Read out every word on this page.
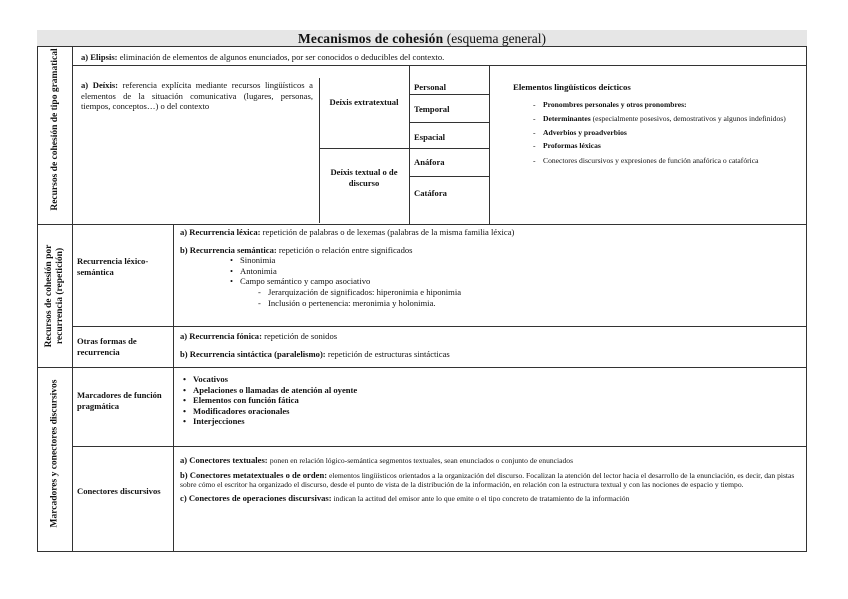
Mecanismos de cohesión (esquema general)
Recursos de cohesión de tipo gramatical
Recursos de cohesión por recurrencia (repetición)
Marcadores y conectores discursivos
a) Elipsis: eliminación de elementos de algunos enunciados, por ser conocidos o deducibles del contexto.
a) Deíxis: referencia explícita mediante recursos lingüísticos a elementos de la situación comunicativa (lugares, personas, tiempos, conceptos…) o del contexto	Deíxis extratextual
Deíxis textual o de discurso
Personal
Temporal
Espacial
Anáfora
Catáfora
Elementos lingüísticos deícticos
- Pronombres personales y otros pronombres:
- Determinantes (especialmente posesivos, demostrativos y algunos indefinidos)
- Adverbios y proadverbios
- Proformas léxicas
- Conectores discursivos y expresiones de función anafórica o catafórica
Recurrencia léxico-semántica
a) Recurrencia léxica: repetición de palabras o de lexemas (palabras de la misma familia léxica)
b) Recurrencia semántica: repetición o relación entre significados
• Sinonimia
• Antonimia
• Campo semántico y campo asociativo
- Jerarquización de significados: hiperonimia e hiponimia
- Inclusión o pertenencia: meronimia y holonimia.
Otras formas de recurrencia
a) Recurrencia fónica: repetición de sonidos
b) Recurrencia sintáctica (paralelismo): repetición de estructuras sintácticas
Marcadores de función pragmática
• Vocativos
• Apelaciones o llamadas de atención al oyente
• Elementos con función fática
• Modificadores oracionales
• Interjecciones
Conectores discursivos
a) Conectores textuales: ponen en relación lógico-semántica segmentos textuales, sean enunciados o conjunto de enunciados
b) Conectores metatextuales o de orden: elementos lingüísticos orientados a la organización del discurso. Focalizan la atención del lector hacia el desarrollo de la enunciación, es decir, dan pistas sobre cómo el escritor ha organizado el discurso, desde el punto de vista de la distribución de la información, en relación con la estructura textual y con las nociones de espacio y tiempo.
c) Conectores de operaciones discursivas: indican la actitud del emisor ante lo que emite o el tipo concreto de tratamiento de la información
